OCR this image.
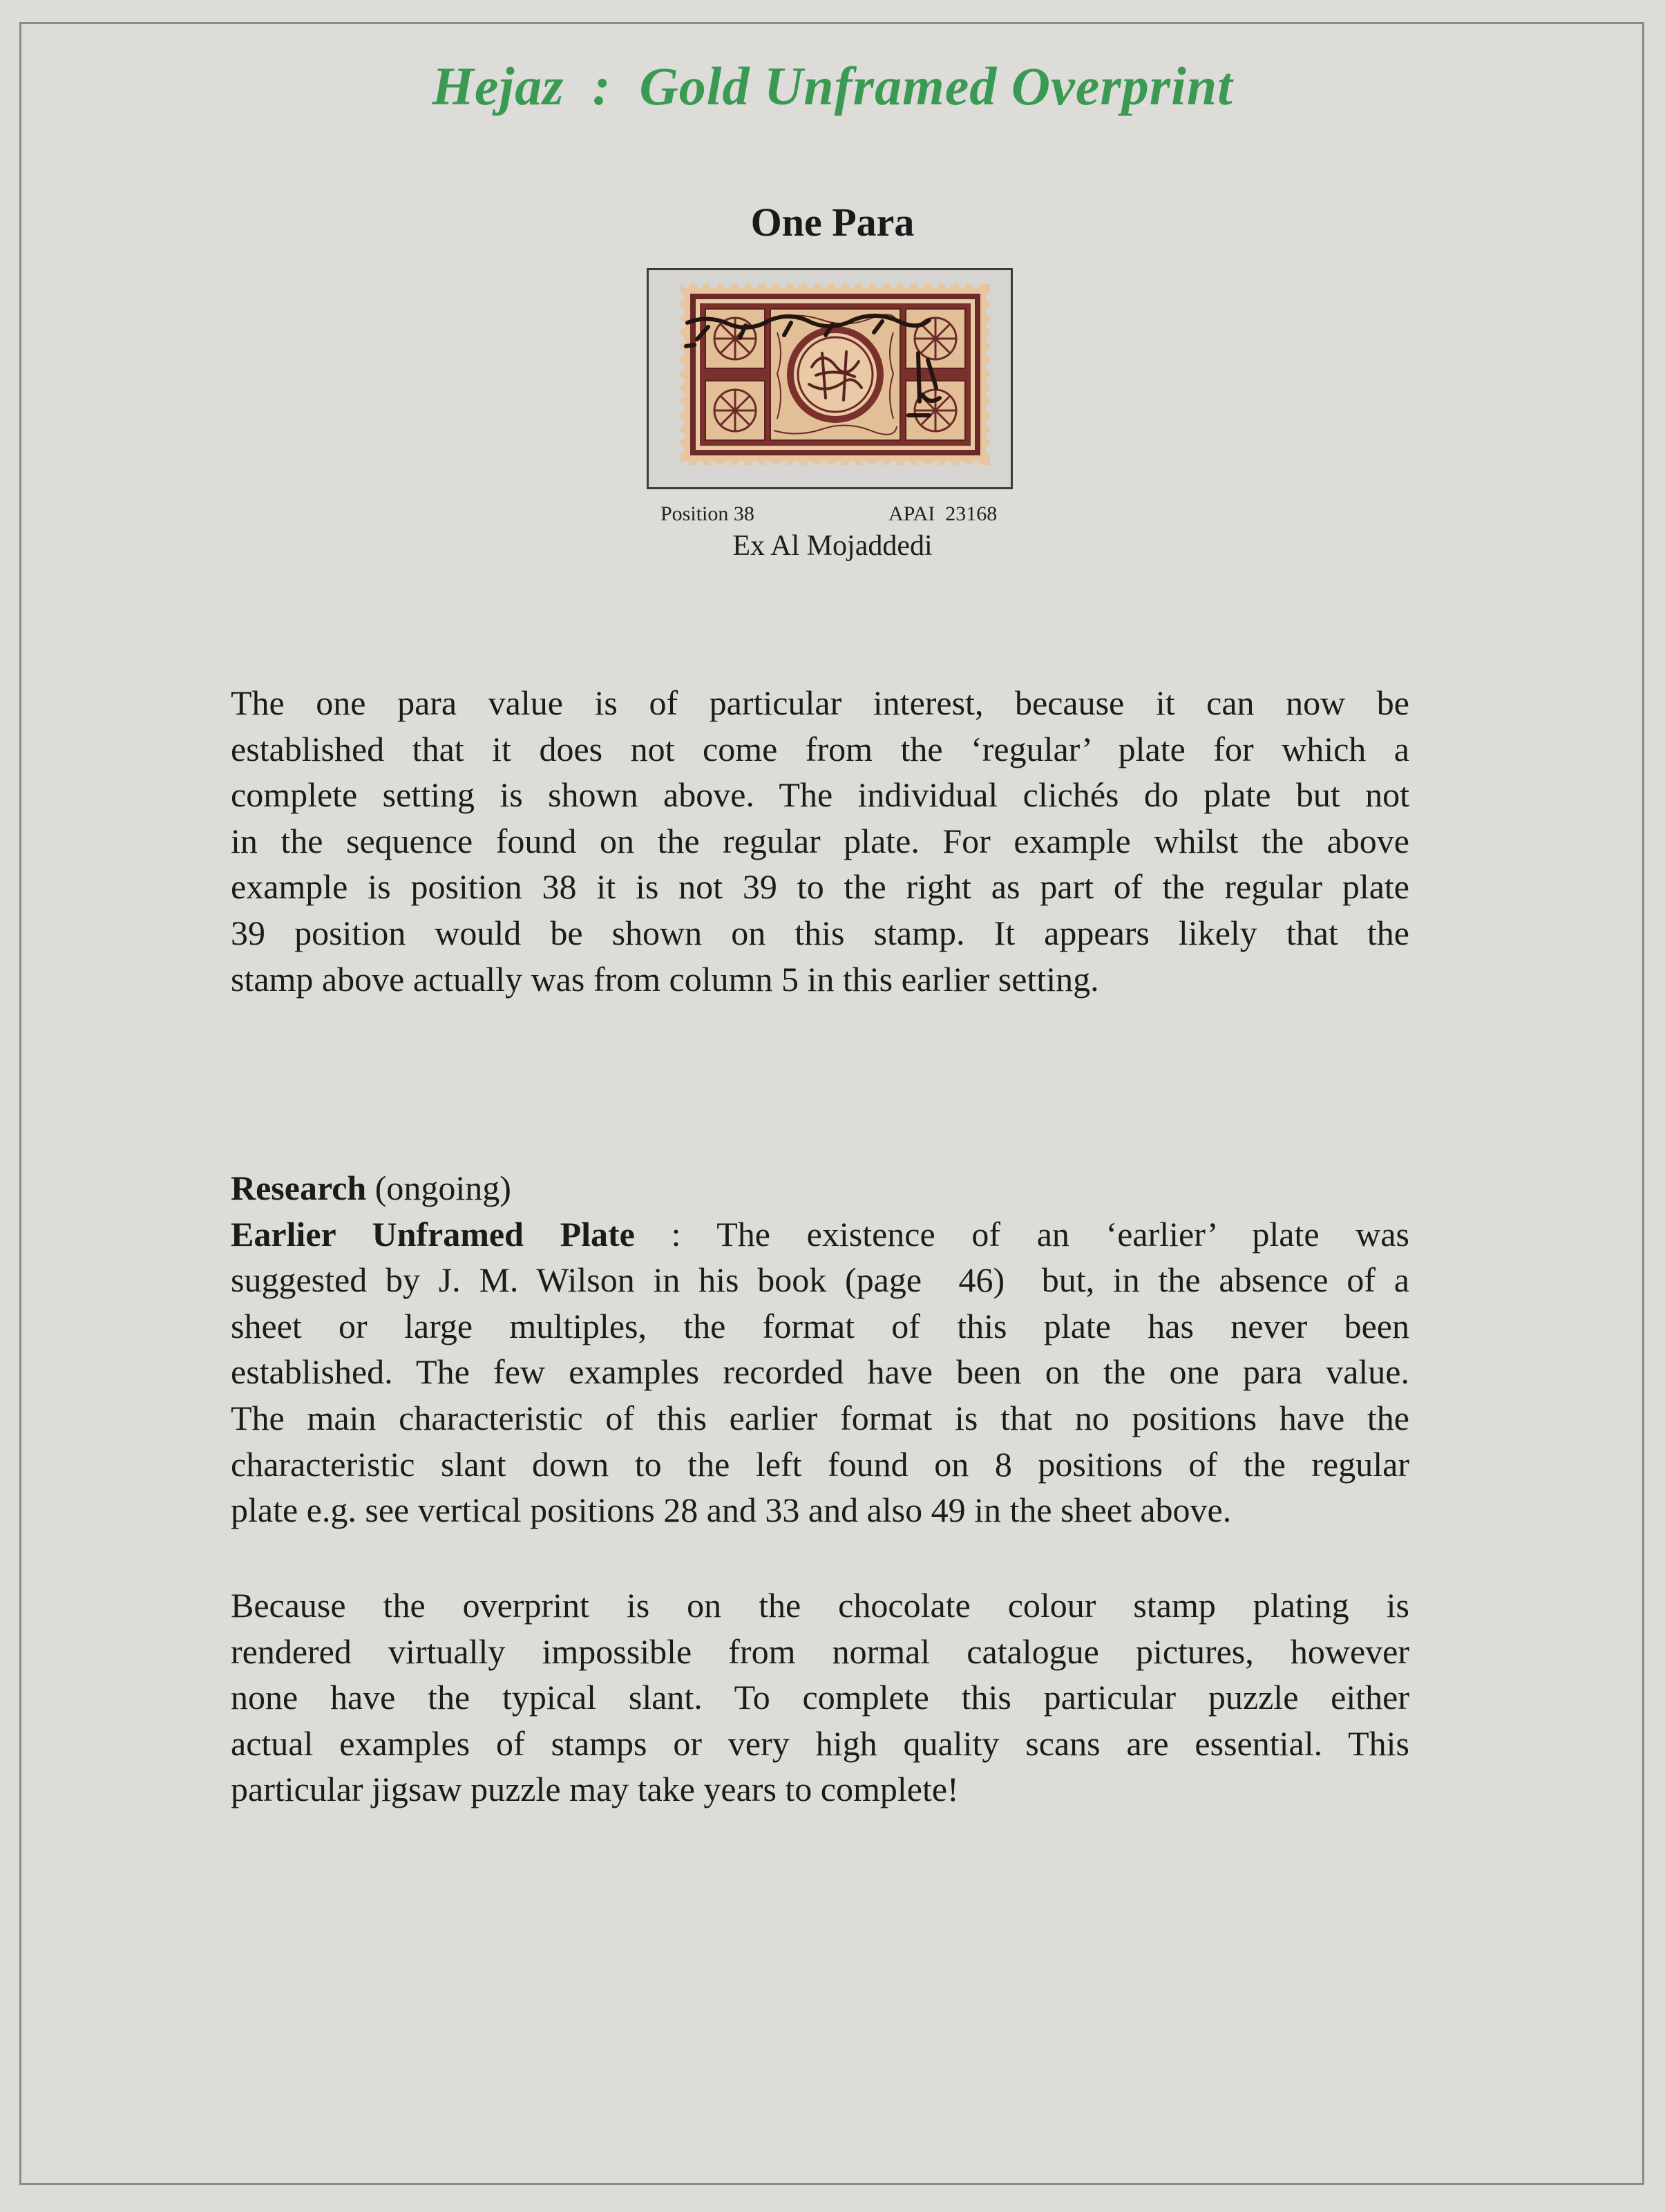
Hejaz  :  Gold Unframed Overprint
One Para
Position 38	APAI  23168
Ex Al Mojaddedi
The one para value is of particular interest, because it can now be
established that it does not come from the ‘regular’ plate for which a
complete setting is shown above. The individual clichés do plate but not
in the sequence found on the regular plate. For example whilst the above
example is position 38 it is not 39 to the right as part of the regular plate
39 position would be shown on this stamp. It appears likely that the
stamp above actually was from column 5 in this earlier setting.
Research (ongoing)
Earlier Unframed Plate : The existence of an ‘earlier’ plate was
suggested by J. M. Wilson in his book (page  46)  but, in the absence of a
sheet or large multiples, the format of this plate has never been
established. The few examples recorded have been on the one para value.
The main characteristic of this earlier format is that no positions have the
characteristic slant down to the left found on 8 positions of the regular
plate e.g. see vertical positions 28 and 33 and also 49 in the sheet above.
Because the overprint is on the chocolate colour stamp plating is
rendered virtually impossible from normal catalogue pictures, however
none have the typical slant. To complete this particular puzzle either
actual examples of stamps or very high quality scans are essential. This
particular jigsaw puzzle may take years to complete!
